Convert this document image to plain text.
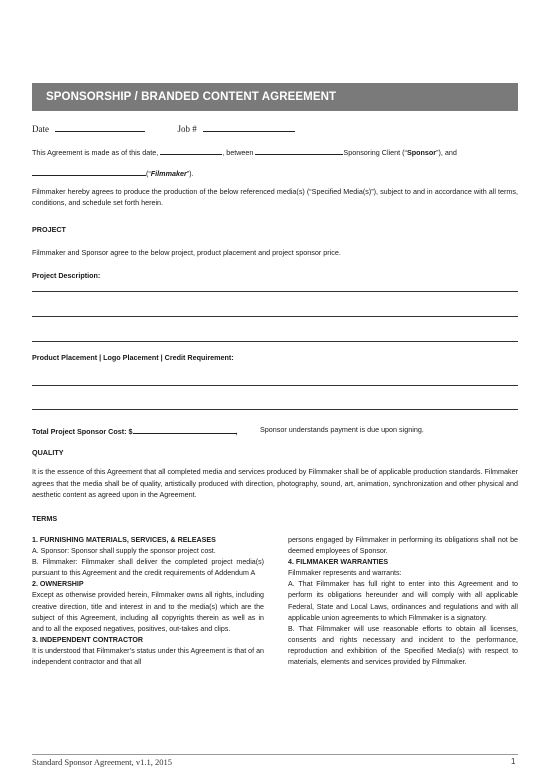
SPONSORSHIP / BRANDED CONTENT AGREEMENT
Date	Job #
This Agreement is made as of this date,	, between	Sponsoring Client (“Sponsor”), and
(“Filmmaker”).
Filmmaker hereby agrees to produce the production of the below referenced media(s) (“Specified Media(s)”), subject to and in accordance with all terms, conditions, and schedule set forth herein.
PROJECT
Filmmaker and Sponsor agree to the below project, product placement and project sponsor price.
Project Description:
Product Placement | Logo Placement | Credit Requirement:
Total Project Sponsor Cost: $	,	Sponsor understands payment is due upon signing.
QUALITY
It is the essence of this Agreement that all completed media and services produced by Filmmaker shall be of applicable production standards. Filmmaker agrees that the media shall be of quality, artistically produced with direction, photography, sound, art, animation, synchronization and other physical and aesthetic content as agreed upon in the Agreement.
TERMS
1. FURNISHING MATERIALS, SERVICES, & RELEASES
A. Sponsor: Sponsor shall supply the sponsor project cost.
B. Filmmaker: Filmmaker shall deliver the completed project media(s) pursuant to this Agreement and the credit requirements of Addendum A
2. OWNERSHIP
Except as otherwise provided herein, Filmmaker owns all rights, including creative direction, title and interest in and to the media(s) which are the subject of this Agreement, including all copyrights therein as well as in and to all the exposed negatives, positives, out-takes and clips.
3. INDEPENDENT CONTRACTOR
It is understood that Filmmaker’s status under this Agreement is that of an independent contractor and that all
persons engaged by Filmmaker in performing its obligations shall not be deemed employees of Sponsor.
4. FILMMAKER WARRANTIES
Filmmaker represents and warrants:
A. That Filmmaker has full right to enter into this Agreement and to perform its obligations hereunder and will comply with all applicable Federal, State and Local Laws, ordinances and regulations and with all applicable union agreements to which Filmmaker is a signatory.
B. That Filmmaker will use reasonable efforts to obtain all licenses, consents and rights necessary and incident to the performance, reproduction and exhibition of the Specified Media(s) with respect to materials, elements and services provided by Filmmaker.
Standard Sponsor Agreement, v1.1, 2015	1
